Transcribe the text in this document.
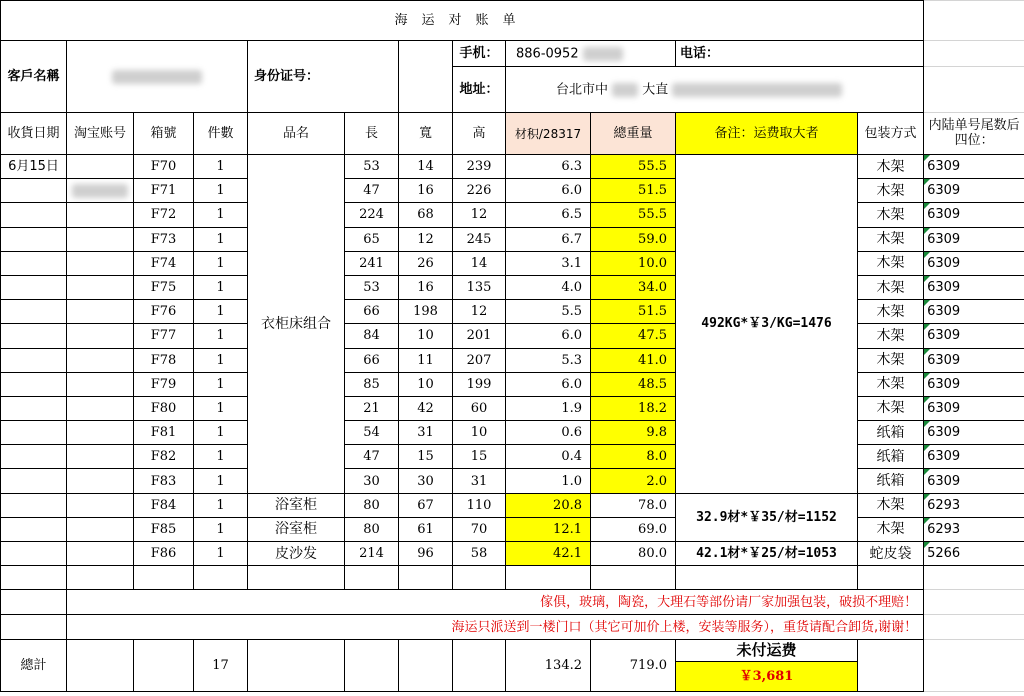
海运对账单												
客戶名稱				身份证号：			手机：	886-0952		电话：		
							地址：	台北市中 大直				
收貨日期	淘宝账号	箱號	件數	品名	長	寬	高	材积/28317	總重量	备注：运费取大者	包装方式	内陆单号尾数后四位：
6月15日		F70	1	衣柜床组合	53	14	239	6.3	55.5	492KG*￥3/KG=1476	木架	6309
		F71	1		47	16	226	6.0	51.5		木架	6309
		F72	1		224	68	12	6.5	55.5		木架	6309
		F73	1		65	12	245	6.7	59.0		木架	6309
		F74	1		241	26	14	3.1	10.0		木架	6309
		F75	1		53	16	135	4.0	34.0		木架	6309
		F76	1		66	198	12	5.5	51.5		木架	6309
		F77	1		84	10	201	6.0	47.5		木架	6309
		F78	1		66	11	207	5.3	41.0		木架	6309
		F79	1		85	10	199	6.0	48.5		木架	6309
		F80	1		21	42	60	1.9	18.2		木架	6309
		F81	1		54	31	10	0.6	9.8		纸箱	6309
		F82	1		47	15	15	0.4	8.0		纸箱	6309
		F83	1		30	30	31	1.0	2.0		纸箱	6309
		F84	1	浴室柜	80	67	110	20.8	78.0	32.9材*￥35/材=1152	木架	6293
		F85	1	浴室柜	80	61	70	12.1	69.0		木架	6293
		F86	1	皮沙发	214	96	58	42.1	80.0	42.1材*￥25/材=1053	蛇皮袋	5266

	傢俱，玻璃，陶瓷，大理石等部份请厂家加强包装，破损不理赔！											
	海运只派送到一楼门口（其它可加价上楼，安装等服务），重货请配合卸货,谢谢！											
總計			17					134.2	719.0	未付运费		
										￥3,681		
